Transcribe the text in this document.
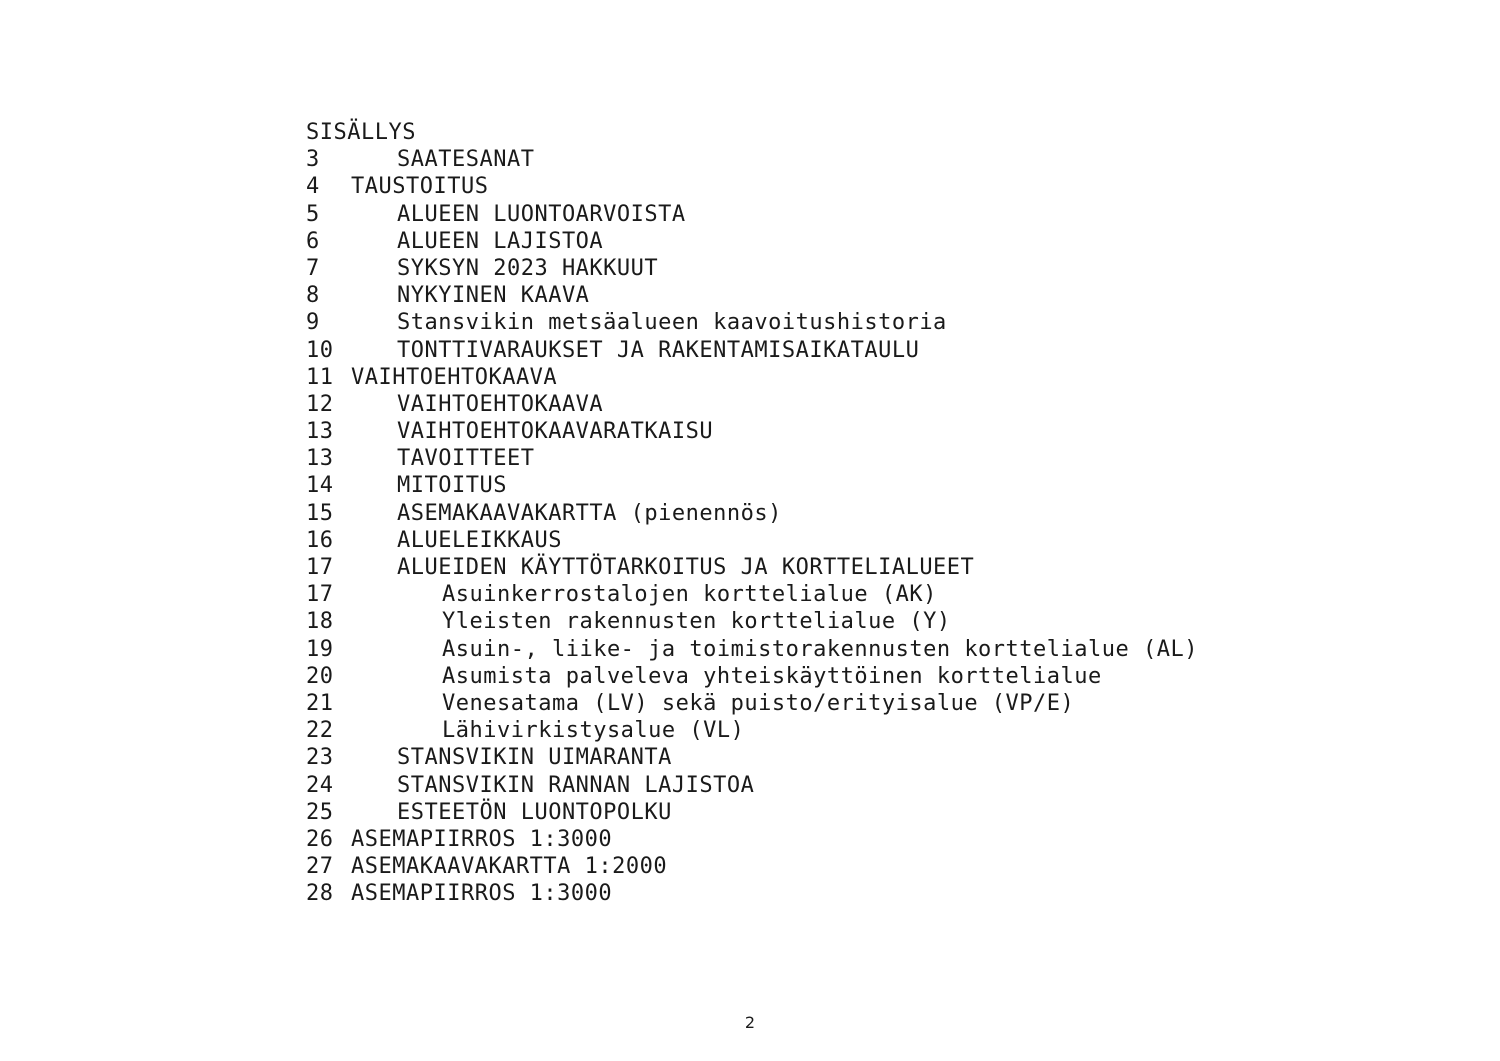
SISÄLLYS
3	SAATESANAT
4 TAUSTOITUS
5	ALUEEN LUONTOARVOISTA
6	ALUEEN LAJISTOA
7	SYKSYN 2023 HAKKUUT
8	NYKYINEN KAAVA
9	Stansvikin metsäalueen kaavoitushistoria
10	TONTTIVARAUKSET JA RAKENTAMISAIKATAULU
11 VAIHTOEHTOKAAVA
12	VAIHTOEHTOKAAVA
13	VAIHTOEHTOKAAVARATKAISU
13	TAVOITTEET
14	MITOITUS
15	ASEMAKAAVAKARTTA (pienennös)
16	ALUELEIKKAUS
17	ALUEIDEN KÄYTTÖTARKOITUS JA KORTTELIALUEET
17	Asuinkerrostalojen korttelialue (AK)
18	Yleisten rakennusten korttelialue (Y)
19	Asuin-, liike- ja toimistorakennusten korttelialue (AL)
20	Asumista palveleva yhteiskäyttöinen korttelialue
21	Venesatama (LV) sekä puisto/erityisalue (VP/E)
22	Lähivirkistysalue (VL)
23	STANSVIKIN UIMARANTA
24	STANSVIKIN RANNAN LAJISTOA
25	ESTEETÖN LUONTOPOLKU
26 ASEMAPIIRROS 1:3000
27 ASEMAKAAVAKARTTA 1:2000
28 ASEMAPIIRROS 1:3000
2
